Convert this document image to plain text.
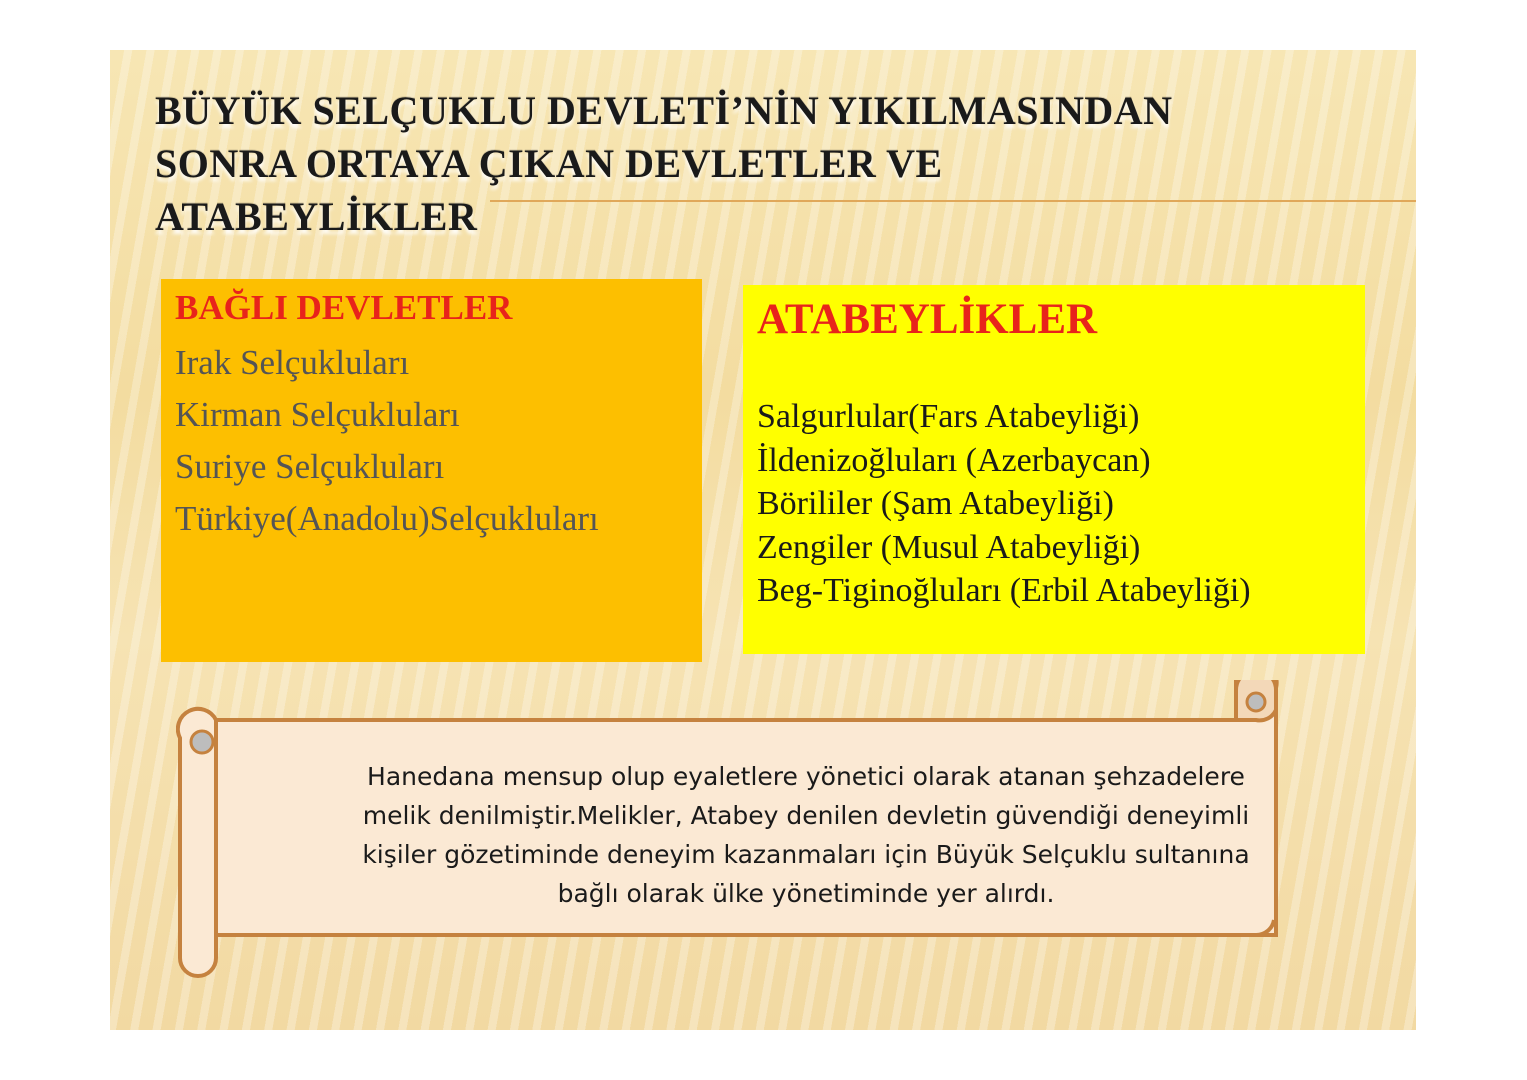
BÜYÜK SELÇUKLU DEVLETİ’NİN YIKILMASINDAN
SONRA ORTAYA ÇIKAN DEVLETLER VE
ATABEYLİKLER

BAĞLI DEVLETLER

Irak Selçukluları

Kirman Selçukluları

Suriye Selçukluları

Türkiye(Anadolu)Selçukluları

ATABEYLİKLER

Salgurlular(Fars Atabeyliği)

İldenizoğluları (Azerbaycan)

Börililer (Şam Atabeyliği)

Zengiler (Musul Atabeyliği)

Beg-Tiginoğluları (Erbil Atabeyliği)

Hanedana mensup olup eyaletlere yönetici olarak atanan şehzadelere
melik denilmiştir.Melikler, Atabey denilen devletin güvendiği deneyimli
kişiler gözetiminde deneyim kazanmaları için Büyük Selçuklu sultanına
bağlı olarak ülke yönetiminde yer alırdı.
